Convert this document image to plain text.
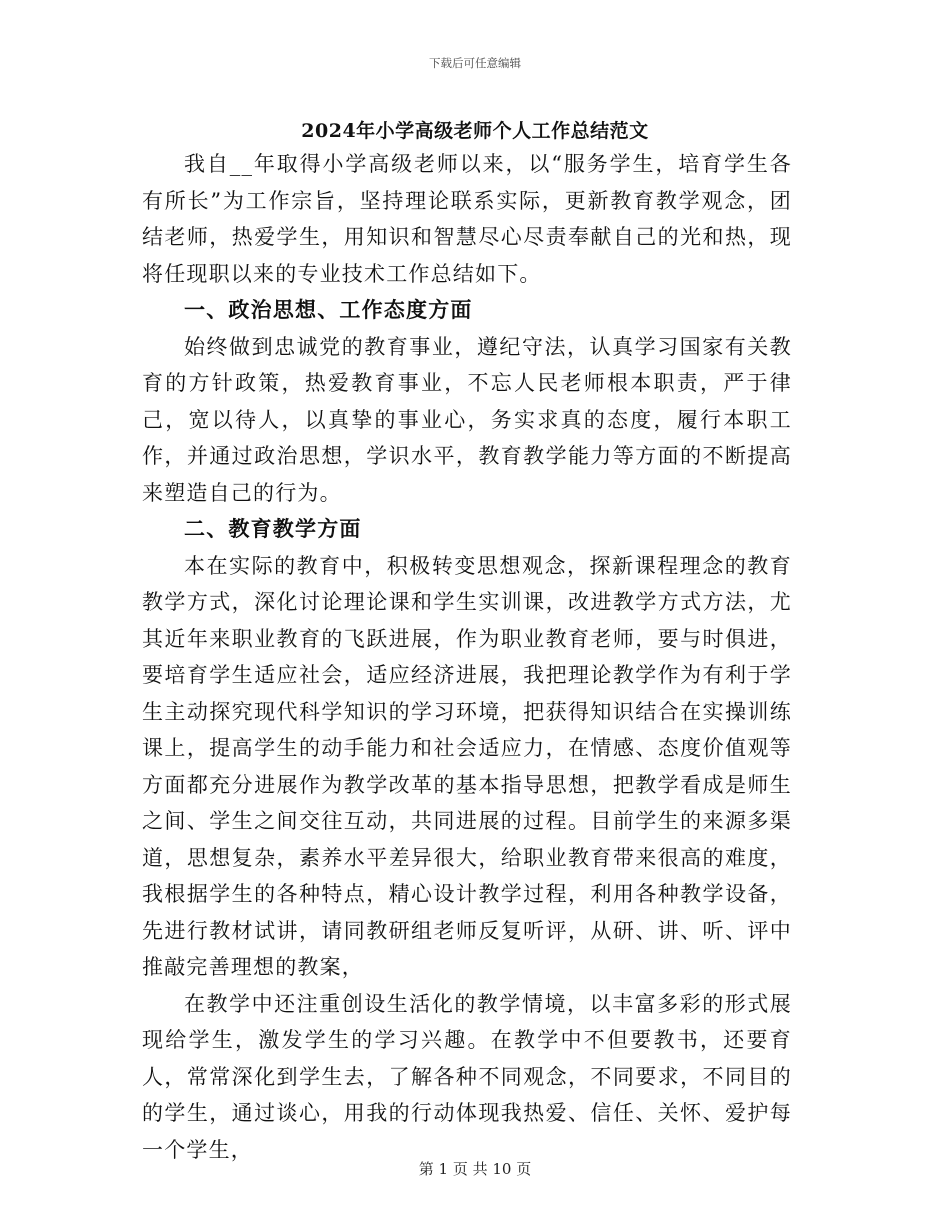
下载后可任意编辑
2024年小学高级老师个人工作总结范文

我自__年取得小学高级老师以来，以“服务学生，培育学生各有所长”为工作宗旨，坚持理论联系实际，更新教育教学观念，团结老师，热爱学生，用知识和智慧尽心尽责奉献自己的光和热，现将任现职以来的专业技术工作总结如下。

一、政治思想、工作态度方面

始终做到忠诚党的教育事业，遵纪守法，认真学习国家有关教育的方针政策，热爱教育事业，不忘人民老师根本职责，严于律己，宽以待人，以真挚的事业心，务实求真的态度，履行本职工作，并通过政治思想，学识水平，教育教学能力等方面的不断提高来塑造自己的行为。

二、教育教学方面

本在实际的教育中，积极转变思想观念，探新课程理念的教育教学方式，深化讨论理论课和学生实训课，改进教学方式方法，尤其近年来职业教育的飞跃进展，作为职业教育老师，要与时俱进，要培育学生适应社会，适应经济进展，我把理论教学作为有利于学生主动探究现代科学知识的学习环境，把获得知识结合在实操训练课上，提高学生的动手能力和社会适应力，在情感、态度价值观等方面都充分进展作为教学改革的基本指导思想，把教学看成是师生之间、学生之间交往互动，共同进展的过程。目前学生的来源多渠道，思想复杂，素养水平差异很大，给职业教育带来很高的难度，我根据学生的各种特点，精心设计教学过程，利用各种教学设备，先进行教材试讲，请同教研组老师反复听评，从研、讲、听、评中推敲完善理想的教案，

在教学中还注重创设生活化的教学情境，以丰富多彩的形式展现给学生，激发学生的学习兴趣。在教学中不但要教书，还要育人，常常深化到学生去，了解各种不同观念，不同要求，不同目的的学生，通过谈心，用我的行动体现我热爱、信任、关怀、爱护每一个学生，

第 1 页 共 10 页
